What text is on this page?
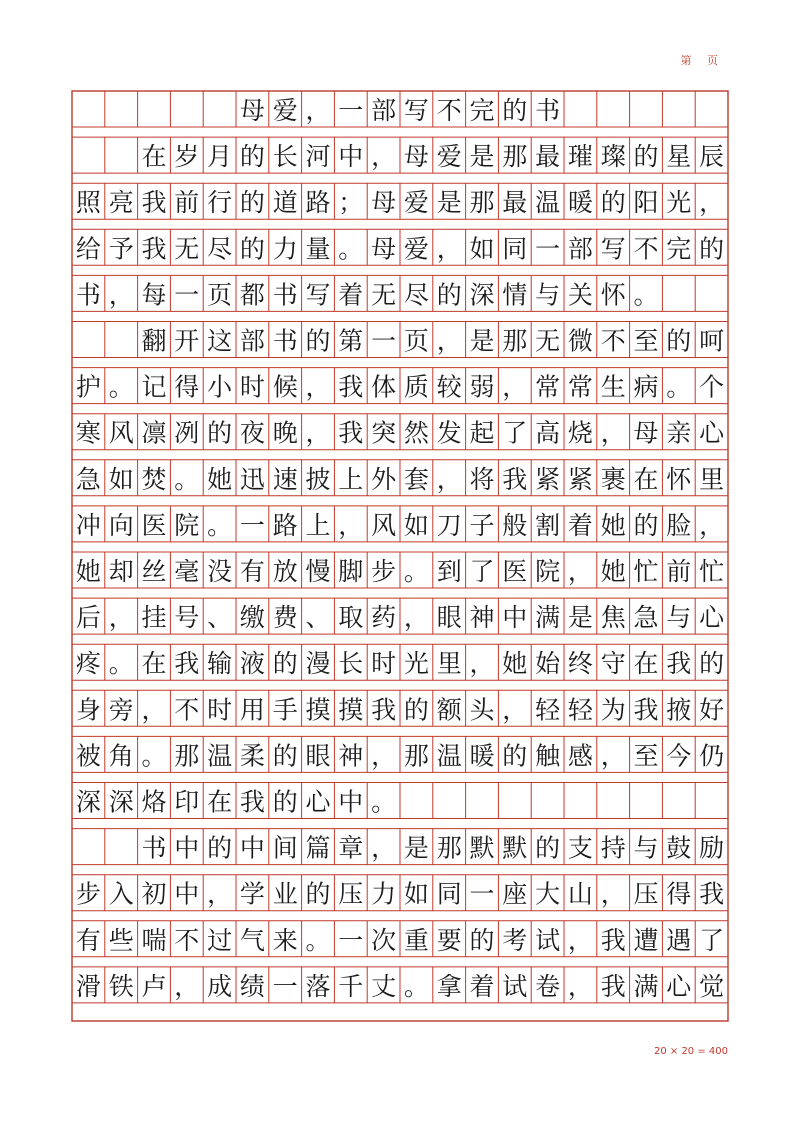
第 页
母 爱 ， 一 部 写 不 完 的 书
在 岁 月 的 长 河 中 ， 母 爱 是 那 最 璀 璨 的 星 辰
照 亮 我 前 行 的 道 路 ； 母 爱 是 那 最 温 暖 的 阳 光 ，
给 予 我 无 尽 的 力 量 。 母 爱 ， 如 同 一 部 写 不 完 的
书 ， 每 一 页 都 书 写 着 无 尽 的 深 情 与 关 怀 。
翻 开 这 部 书 的 第 一 页 ， 是 那 无 微 不 至 的 呵
护 。 记 得 小 时 候 ， 我 体 质 较 弱 ， 常 常 生 病 。 个
寒 风 凛 冽 的 夜 晚 ， 我 突 然 发 起 了 高 烧 ， 母 亲 心
急 如 焚 。 她 迅 速 披 上 外 套 ， 将 我 紧 紧 裹 在 怀 里
冲 向 医 院 。 一 路 上 ， 风 如 刀 子 般 割 着 她 的 脸 ，
她 却 丝 毫 没 有 放 慢 脚 步 。 到 了 医 院 ， 她 忙 前 忙
后 ， 挂 号 、 缴 费 、 取 药 ， 眼 神 中 满 是 焦 急 与 心
疼 。 在 我 输 液 的 漫 长 时 光 里 ， 她 始 终 守 在 我 的
身 旁 ， 不 时 用 手 摸 摸 我 的 额 头 ， 轻 轻 为 我 掖 好
被 角 。 那 温 柔 的 眼 神 ， 那 温 暖 的 触 感 ， 至 今 仍
深 深 烙 印 在 我 的 心 中 。
书 中 的 中 间 篇 章 ， 是 那 默 默 的 支 持 与 鼓 励
步 入 初 中 ， 学 业 的 压 力 如 同 一 座 大 山 ， 压 得 我
有 些 喘 不 过 气 来 。 一 次 重 要 的 考 试 ， 我 遭 遇 了
滑 铁 卢 ， 成 绩 一 落 千 丈 。 拿 着 试 卷 ， 我 满 心 觉
20 × 20 = 400
